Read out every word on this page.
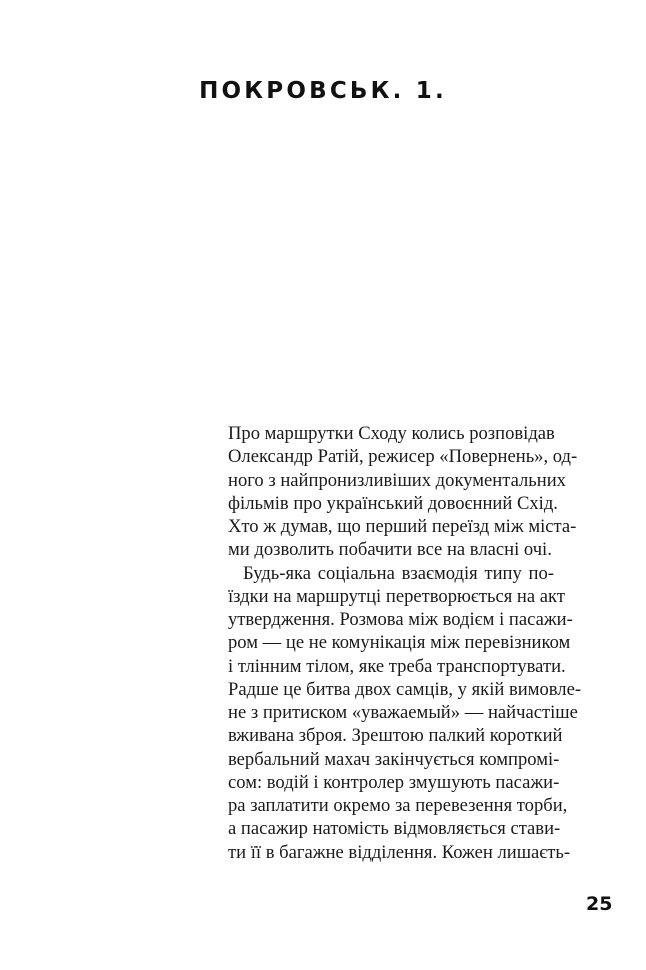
ПОКРОВСЬК. 1.
Про маршрутки Сходу колись розповідав
Олександр Ратій, режисер «Повернень», од-
ного з найпронизливіших документальних
фільмів про український довоєнний Схід.
Хто ж думав, що перший переїзд між міста-
ми дозволить побачити все на власні очі.
Будь-яка соціальна взаємодія типу по-
їздки на маршрутці перетворюється на акт
утвердження. Розмова між водієм і пасажи-
ром — це не комунікація між перевізником
і тлінним тілом, яке треба транспортувати.
Радше це битва двох самців, у якій вимовле-
не з притиском «уважаемый» — найчастіше
вживана зброя. Зрештою палкий короткий
вербальний махач закінчується компромі-
сом: водій і контролер змушують пасажи-
ра заплатити окремо за перевезення торби,
а пасажир натомість відмовляється стави-
ти її в багажне відділення. Кожен лишаєть-
25
